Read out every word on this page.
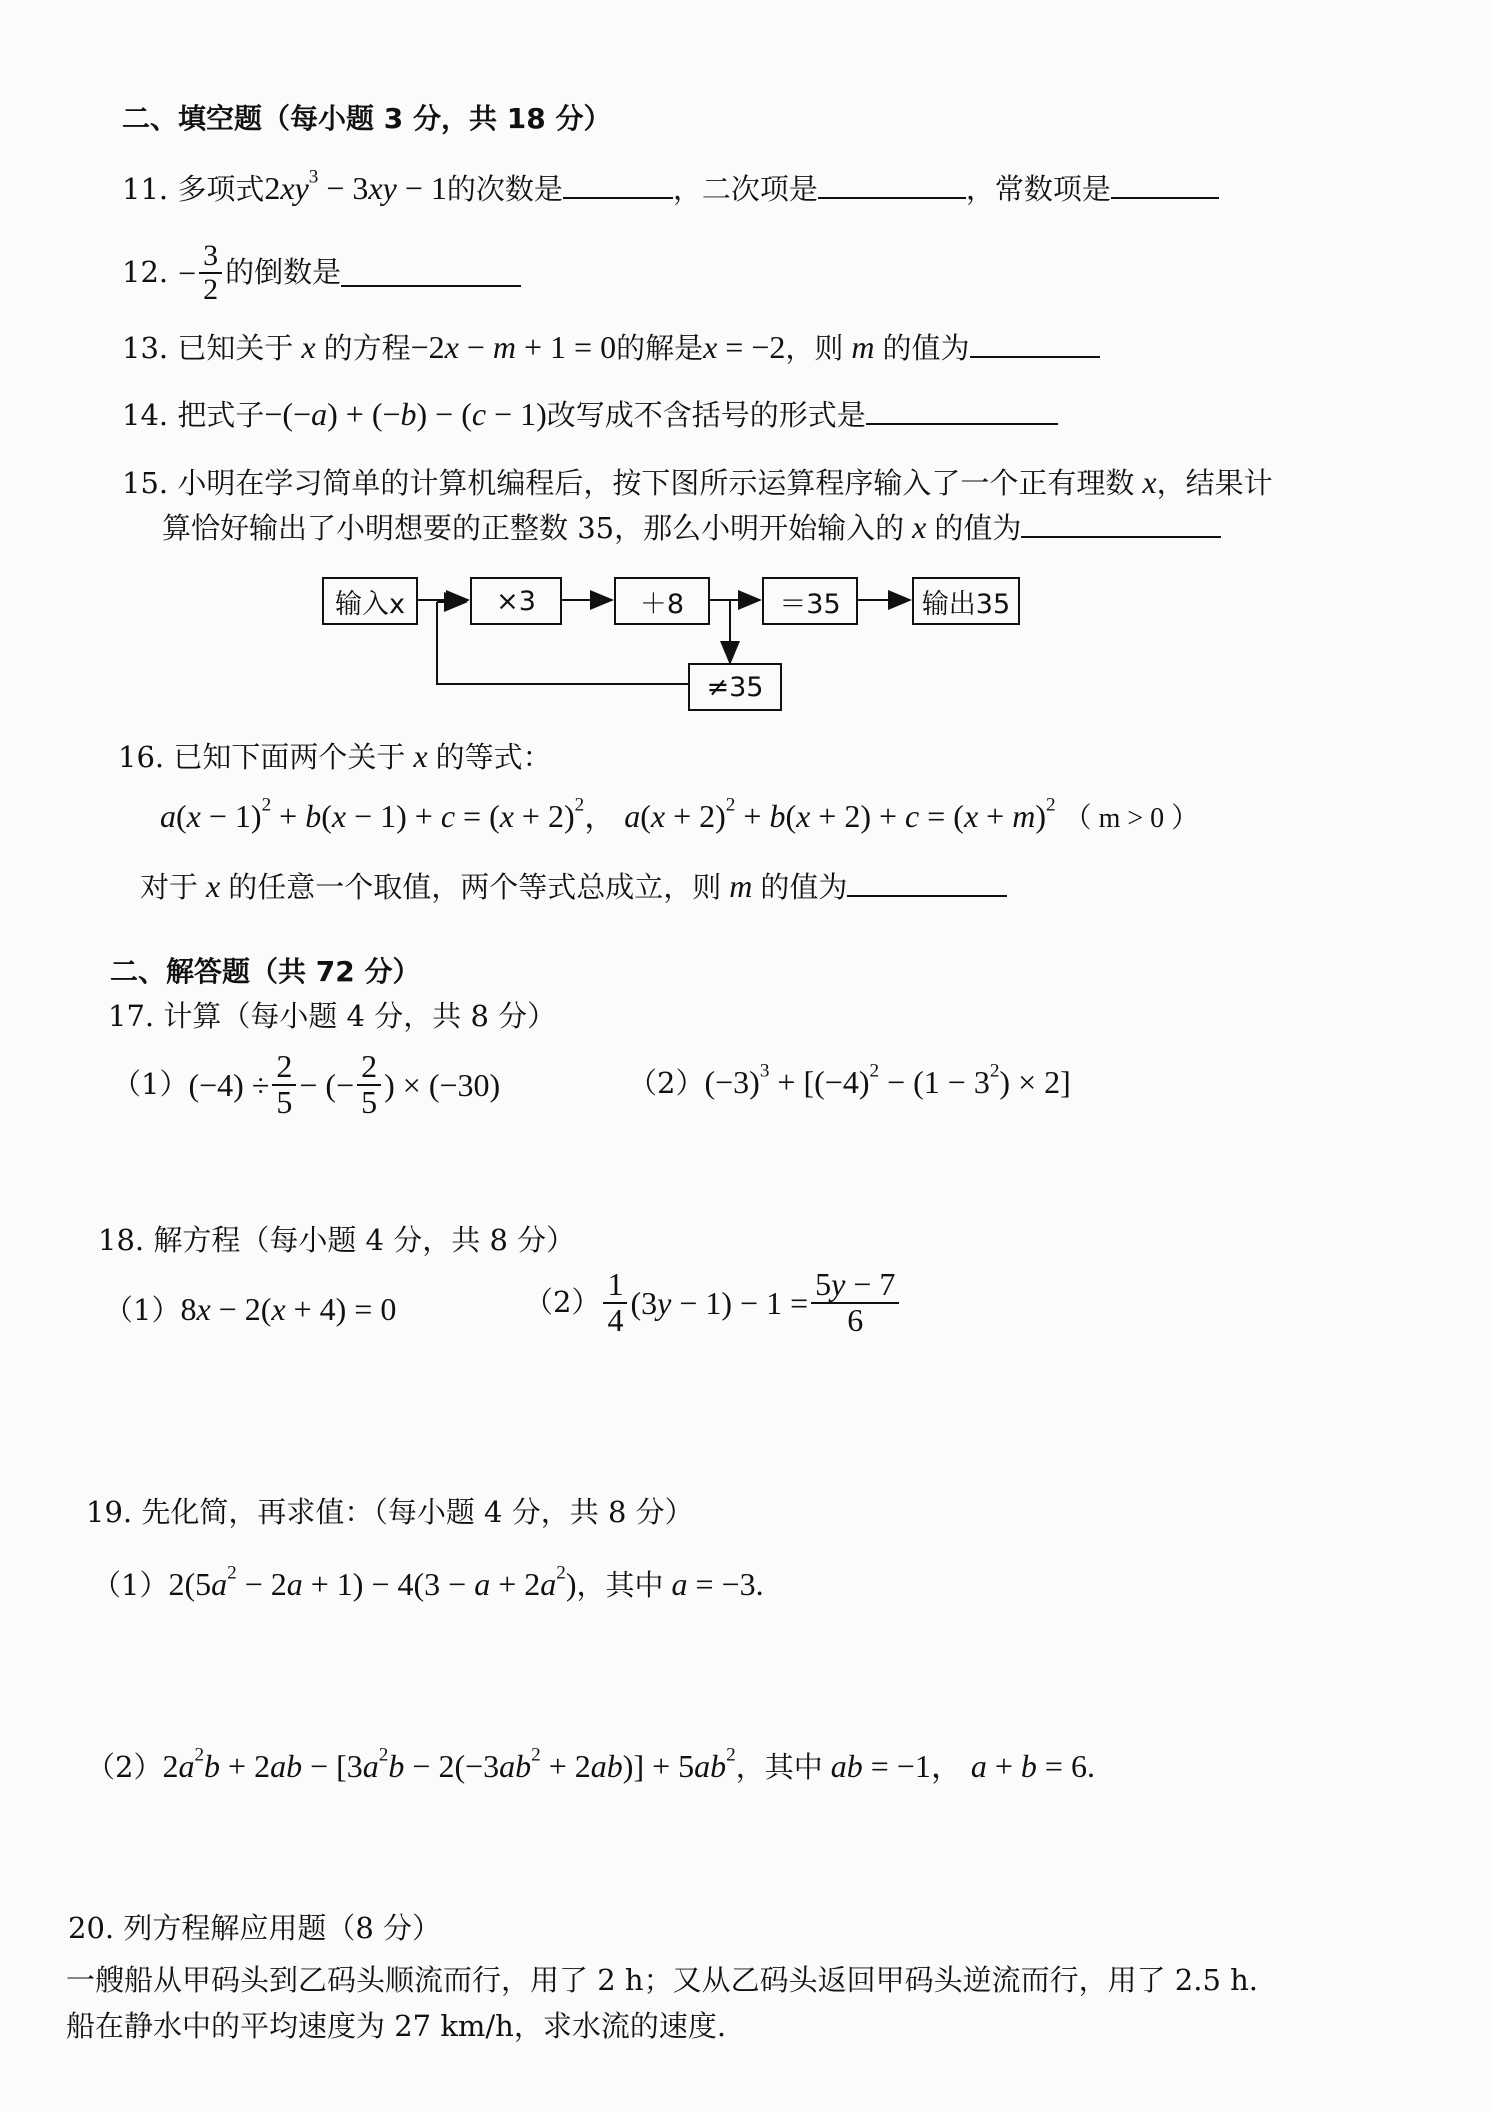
二、填空题（每小题 3 分，共 18 分）
11. 多项式$2xy^3 - 3xy - 1$的次数是	，二次项是	，常数项是
12. − $\frac{3}{2}$ 的倒数是
13. 已知关于 x 的方程−2x − m + 1 = 0的解是x = −2，则 m 的值为
14. 把式子−(−a) + (−b) − (c − 1)改写成不含括号的形式是
15. 小明在学习简单的计算机编程后，按下图所示运算程序输入了一个正有理数 x，结果计
算恰好输出了小明想要的正整数 35，那么小明开始输入的 x 的值为
输入x	×3	＋8	＝35	输出35
≠35
16. 已知下面两个关于 x 的等式：
$a(x - 1)^2 + b(x - 1) + c = (x + 2)^2$， $a(x + 2)^2 + b(x + 2) + c = (x + m)^2$ （ m > 0 ）
对于 x 的任意一个取值，两个等式总成立，则 m 的值为
二、解答题（共 72 分）
17. 计算（每小题 4 分，共 8 分）
（1） $(-4) \div \frac{2}{5}$ − (− $\frac{2}{5}$ ) × (−30)	$(2)(-3)^3 + [(-4)^2 - (1 - 3^2) \times 2]$
18. 解方程（每小题 4 分，共 8 分）
（1）8x − 2(x + 4) = 0	$(2) \frac{1}{4} (3y - 1) - 1 = \frac{5y - 7}{6}$
19. 先化简，再求值：（每小题 4 分，共 8 分）
$(1)2(5a^2 - 2a + 1) - 4(3 - a + 2a^2)$，其中 a = −3.
$(2)2a^2b + 2ab - [3a^2b - 2(-3ab^2 + 2ab)] + 5ab^2$，其中 ab = −1， a + b = 6.
20. 列方程解应用题（8 分）
一艘船从甲码头到乙码头顺流而行，用了 2 h；又从乙码头返回甲码头逆流而行，用了 2.5 h.
船在静水中的平均速度为 27 km/h，求水流的速度.
